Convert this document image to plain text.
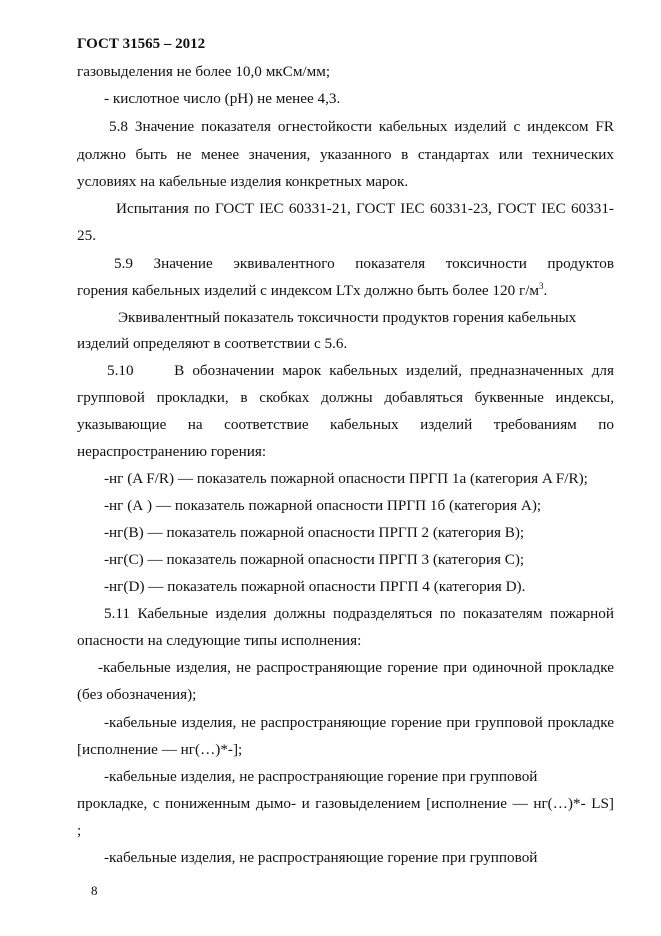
ГОСТ 31565 – 2012
газовыделения не более 10,0 мкСм/мм;
- кислотное число (рН) не менее 4,3.
5.8 Значение показателя огнестойкости кабельных изделий с индексом FR
должно быть не менее значения, указанного в стандартах или технических
условиях на кабельные изделия конкретных марок.
Испытания по ГОСТ IEC 60331-21, ГОСТ IEC 60331-23, ГОСТ IEC 60331-
25.
5.9 Значение эквивалентного показателя токсичности продуктов
горения кабельных изделий с индексом LTх должно быть более 120 $г/м^3$.
Эквивалентный показатель токсичности продуктов горения кабельных
изделий определяют в соответствии с 5.6.
5.10     В обозначении марок кабельных изделий, предназначенных для
групповой прокладки, в скобках должны добавляться буквенные индексы,
указывающие на соответствие кабельных изделий требованиям по
нераспространению горения:
-нг (A F/R) — показатель пожарной опасности ПРГП 1а (категория A F/R);
-нг (А ) — показатель пожарной опасности ПРГП 1б (категория А);
-нг(В) — показатель пожарной опасности ПРГП 2 (категория В);
-нг(С) — показатель пожарной опасности ПРГП 3 (категория С);
-нг(D) — показатель пожарной опасности ПРГП 4 (категория D).
5.11 Кабельные изделия должны подразделяться по показателям пожарной
опасности на следующие типы исполнения:
-кабельные изделия, не распространяющие горение при одиночной прокладке
(без обозначения);
-кабельные изделия, не распространяющие горение при групповой прокладке
[исполнение — нг(…)*-];
-кабельные изделия, не распространяющие горение при групповой
прокладке, с пониженным дымо- и газовыделением [исполнение — нг(…)*- LS]
;
-кабельные изделия, не распространяющие горение при групповой
8
